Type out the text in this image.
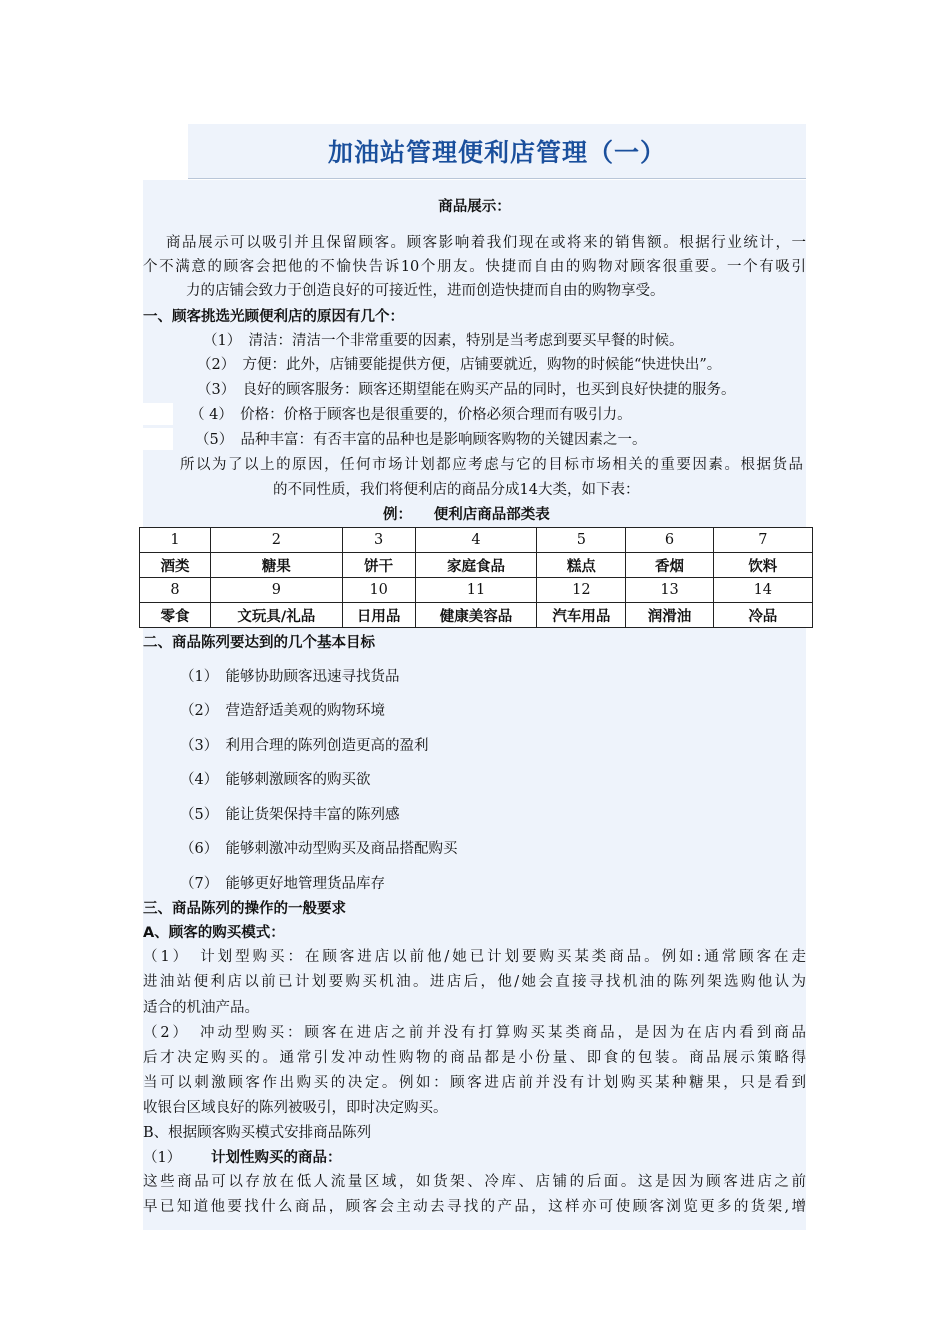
加油站管理便利店管理（一）
商品展示：
商品展示可以吸引并且保留顾客。顾客影响着我们现在或将来的销售额。根据行业统计，一
个不满意的顾客会把他的不愉快告诉10个朋友。快捷而自由的购物对顾客很重要。一个有吸引
力的店铺会致力于创造良好的可接近性，进而创造快捷而自由的购物享受。
一、顾客挑选光顾便利店的原因有几个：
（1）　清洁：清洁一个非常重要的因素，特别是当考虑到要买早餐的时候。
（2）　方便：此外，店铺要能提供方便，店铺要就近，购物的时候能“快进快出”。
（3）　良好的顾客服务：顾客还期望能在购买产品的同时，也买到良好快捷的服务。
（ 4）　价格：价格于顾客也是很重要的，价格必须合理而有吸引力。
（5）　品种丰富：有否丰富的品种也是影响顾客购物的关键因素之一。
所以为了以上的原因，任何市场计划都应考虑与它的目标市场相关的重要因素。根据货品
的不同性质，我们将便利店的商品分成14大类，如下表：
例：　　便利店商品部类表
1	2	3	4	5	6	7
酒类	糖果	饼干	家庭食品	糕点	香烟	饮料
8	9	10	11	12	13	14
零食	文玩具/礼品	日用品	健康美容品	汽车用品	润滑油	冷品
二、商品陈列要达到的几个基本目标
（1）　能够协助顾客迅速寻找货品
（2）　营造舒适美观的购物环境
（3）　利用合理的陈列创造更高的盈利
（4）　能够刺激顾客的购买欲
（5）　能让货架保持丰富的陈列感
（6）　能够刺激冲动型购买及商品搭配购买
（7）　能够更好地管理货品库存
三、商品陈列的操作的一般要求
A、顾客的购买模式：
（1）　计划型购买：在顾客进店以前他/她已计划要购买某类商品。例如:通常顾客在走
进油站便利店以前已计划要购买机油。进店后，他/她会直接寻找机油的陈列架选购他认为
适合的机油产品。
（2）　冲动型购买：顾客在进店之前并没有打算购买某类商品，是因为在店内看到商品
后才决定购买的。通常引发冲动性购物的商品都是小份量、即食的包装。商品展示策略得
当可以刺激顾客作出购买的决定。例如：顾客进店前并没有计划购买某种糖果，只是看到
收银台区域良好的陈列被吸引，即时决定购买。
B、根据顾客购买模式安排商品陈列
（1） 计划性购买的商品：
这些商品可以存放在低人流量区域，如货架、冷库、店铺的后面。这是因为顾客进店之前
早已知道他要找什么商品，顾客会主动去寻找的产品，这样亦可使顾客浏览更多的货架,增
